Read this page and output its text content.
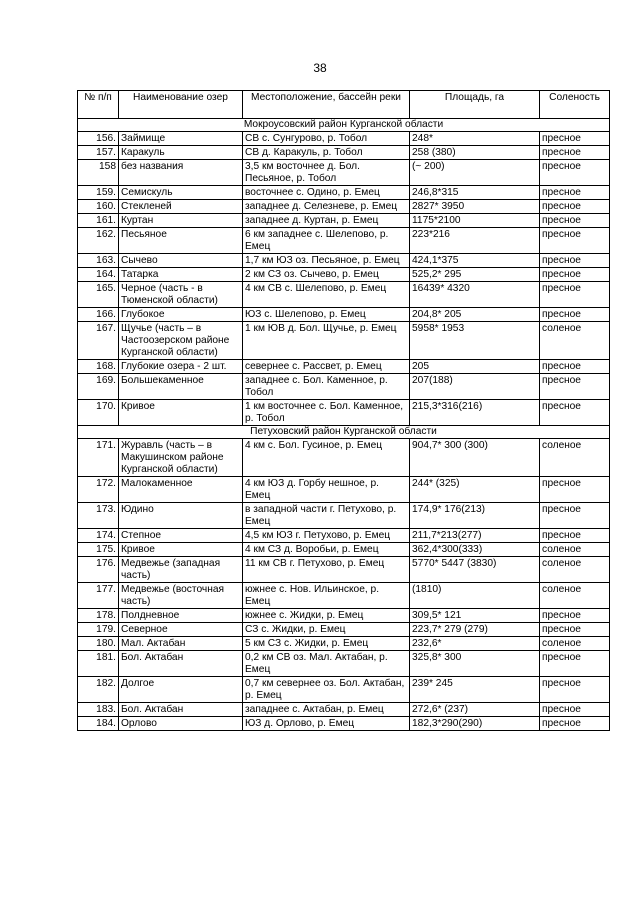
38
№ п/п	Наименование озер	Местоположение, бассейн реки	Площадь, га	Соленость
Мокроусовский район Курганской области				
156.	Займище	СВ с. Сунгурово, р. Тобол	248*	пресное
157.	Каракуль	СВ д. Каракуль, р. Тобол	258 (380)	пресное
158	без названия	3,5 км восточнее д. Бол. Песьяное, р. Тобол	(~ 200)	пресное
159.	Семискуль	восточнее с. Одино, р. Емец	246,8*315	пресное
160.	Стекленей	западнее д. Селезневе, р. Емец	2827* 3950	пресное
161.	Куртан	западнее д. Куртан, р. Емец	1175*2100	пресное
162.	Песьяное	6 км западнее с. Шелепово, р. Емец	223*216	пресное
163.	Сычево	1,7 км ЮЗ оз. Песьяное, р. Емец	424,1*375	пресное
164.	Татарка	2 км СЗ оз. Сычево, р. Емец	525,2* 295	пресное
165.	Черное (часть - в Тюменской области)	4 км СВ с. Шелепово, р. Емец	16439* 4320	пресное
166.	Глубокое	ЮЗ с. Шелепово, р. Емец	204,8* 205	пресное
167.	Щучье (часть – в Частоозерском районе Курганской области)	1 км ЮВ д. Бол. Щучье, р. Емец	5958* 1953	соленое
168.	Глубокие озера - 2 шт.	севернее с. Рассвет, р. Емец	205	пресное
169.	Большекаменное	западнее с. Бол. Каменное, р. Тобол	207(188)	пресное
170.	Кривое	1 км восточнее с. Бол. Каменное, р. Тобол	215,3*316(216)	пресное
Петуховский район Курганской области				
171.	Журавль (часть – в Макушинском районе Курганской области)	4 км с. Бол. Гусиное, р. Емец	904,7* 300 (300)	соленое
172.	Малокаменное	4 км ЮЗ д. Горбу нешное, р. Емец	244* (325)	пресное
173.	Юдино	в западной части г. Петухово, р. Емец	174,9* 176(213)	пресное
174.	Степное	4,5 км ЮЗ г. Петухово, р. Емец	211,7*213(277)	пресное
175.	Кривое	4 км СЗ д. Воробьи, р. Емец	362,4*300(333)	соленое
176.	Медвежье (западная часть)	11 км СВ г. Петухово, р. Емец	5770* 5447 (3830)	соленое
177.	Медвежье (восточная часть)	южнее с. Нов. Ильинское, р. Емец	(1810)	соленое
178.	Полдневное	южнее с. Жидки, р. Емец	309,5* 121	пресное
179.	Северное	СЗ с. Жидки, р. Емец	223,7* 279 (279)	пресное
180.	Мал. Актабан	5 км СЗ с. Жидки, р. Емец	232,6*	соленое
181.	Бол. Актабан	0,2 км СВ оз. Мал. Актабан, р. Емец	325,8* 300	пресное
182.	Долгое	0,7 км севернее оз. Бол. Актабан, р. Емец	239* 245	пресное
183.	Бол. Актабан	западнее с. Актабан, р. Емец	272,6* (237)	пресное
184.	Орлово	ЮЗ д. Орлово, р. Емец	182,3*290(290)	пресное
